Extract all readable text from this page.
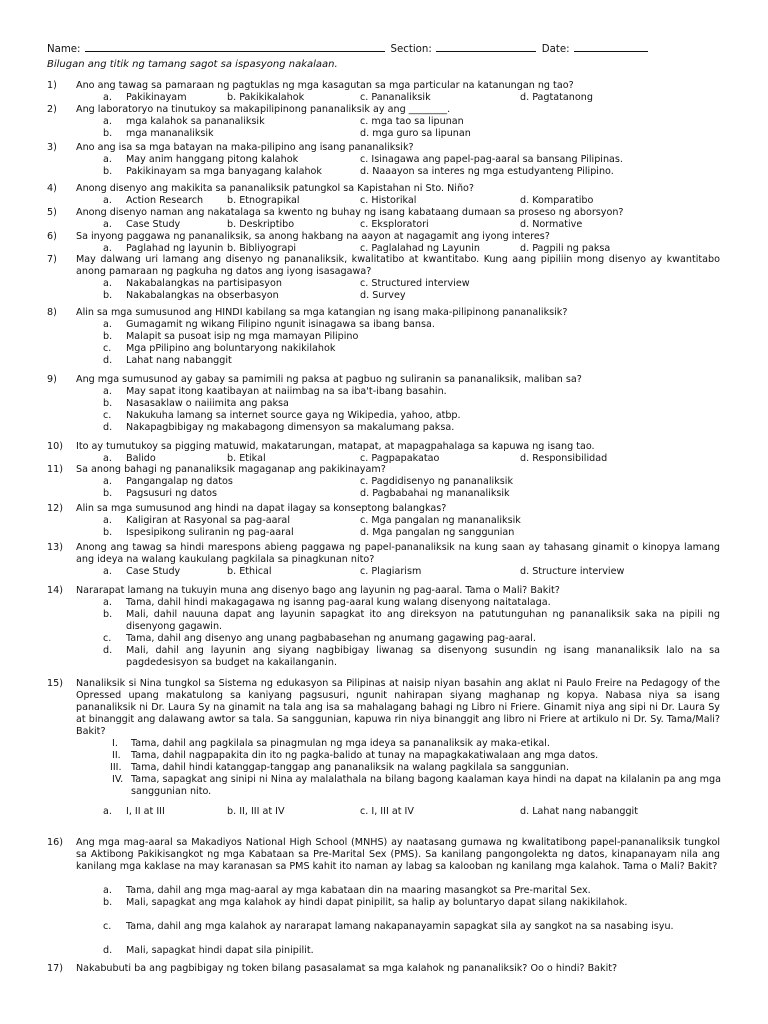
Name:	Section:	Date:
Bilugan ang titik ng tamang sagot sa ispasyong nakalaan.
1) Ano ang tawag sa pamaraan ng pagtuklas ng mga kasagutan sa mga particular na katanungan ng tao?
a. Pakikinayam	b. Pakikikalahok	c. Pananaliksik	d. Pagtatanong
2) Ang laboratoryo na tinutukoy sa makapilipinong pananaliksik ay ang ________.
a. mga kalahok sa pananaliksik	c. mga tao sa lipunan
b. mga mananaliksik	d. mga guro sa lipunan
3) Ano ang isa sa mga batayan na maka-pilipino ang isang pananaliksik?
a. May anim hanggang pitong kalahok	c. Isinagawa ang papel-pag-aaral sa bansang Pilipinas.
b. Pakikinayam sa mga banyagang kalahok	d. Naaayon sa interes ng mga estudyanteng Pilipino.
4) Anong disenyo ang makikita sa pananaliksik patungkol sa Kapistahan ni Sto. Niño?
a. Action Research b. Etnograpikal	c. Historikal	d. Komparatibo
5) Anong disenyo naman ang nakatalaga sa kwento ng buhay ng isang kabataang dumaan sa proseso ng aborsyon?
a. Case Study	b. Deskriptibo	c. Eksploratori	d. Normative
6) Sa inyong paggawa ng pananaliksik, sa anong hakbang na aayon at nagagamit ang iyong interes?
a. Paglahad ng layunin b. Bibliyograpi	c. Paglalahad ng Layunin	d. Pagpili ng paksa
7) May dalwang uri lamang ang disenyo ng pananaliksik, kwalitatibo at kwantitabo. Kung aang pipiliin mong disenyo ay kwantitabo anong pamaraan ng pagkuha ng datos ang iyong isasagawa?
a. Nakabalangkas na partisipasyon	c. Structured interview
b. Nakabalangkas na obserbasyon	d. Survey
8) Alin sa mga sumusunod ang HINDI kabilang sa mga katangian ng isang maka-pilipinong pananaliksik?
a. Gumagamit ng wikang Filipino ngunit isinagawa sa ibang bansa.
b. Malapit sa pusoat isip ng mga mamayan Pilipino
c. Mga pPilipino ang boluntaryong nakikilahok
d. Lahat nang nabanggit
9) Ang mga sumusunod ay gabay sa pamimili ng paksa at pagbuo ng suliranin sa pananaliksik, maliban sa?
a. May sapat itong kaatibayan at naiimbag na sa iba't-ibang basahin.
b. Nasasaklaw o naiiimita ang paksa
c. Nakukuha lamang sa internet source gaya ng Wikipedia, yahoo, atbp.
d. Nakapagbibigay ng makabagong dimensyon sa makalumang paksa.
10) Ito ay tumutukoy sa pigging matuwid, makatarungan, matapat, at mapagpahalaga sa kapuwa ng isang tao.
a. Balido	b. Etikal	c. Pagpapakatao	d. Responsibilidad
11) Sa anong bahagi ng pananaliksik magaganap ang pakikinayam?
a. Pangangalap ng datos	c. Pagdidisenyo ng pananaliksik
b. Pagsusuri ng datos	d. Pagbabahai ng mananaliksik
12) Alin sa mga sumusunod ang hindi na dapat ilagay sa konseptong balangkas?
a. Kaligiran at Rasyonal sa pag-aaral	c. Mga pangalan ng mananaliksik
b. Ispesipikong suliranin ng pag-aaral	d. Mga pangalan ng sanggunian
13) Anong ang tawag sa hindi marespons abieng paggawa ng papel-pananaliksik na kung saan ay tahasang ginamit o kinopya lamang ang ideya na walang kaukulang pagkilala sa pinagkunan nito?
a. Case Study	b. Ethical	c. Plagiarism	d. Structure interview
14) Nararapat lamang na tukuyin muna ang disenyo bago ang layunin ng pag-aaral. Tama o Mali? Bakit?
a. Tama, dahil hindi makagagawa ng isanng pag-aaral kung walang disenyong naitatalaga.
b. Mali, dahil nauuna dapat ang layunin sapagkat ito ang direksyon na patutunguhan ng pananaliksik saka na pipili ng disenyong gagawin.
c. Tama, dahil ang disenyo ang unang pagbabasehan ng anumang gagawing pag-aaral.
d. Mali, dahil ang layunin ang siyang nagbibigay liwanag sa disenyong susundin ng isang mananaliksik lalo na sa pagdedesisyon sa budget na kakailanganin.
15) Nanaliksik si Nina tungkol sa Sistema ng edukasyon sa Pilipinas at naisip niyan basahin ang aklat ni Paulo Freire na Pedagogy of the Opressed upang makatulong sa kaniyang pagsusuri, ngunit nahirapan siyang maghanap ng kopya. Nabasa niya sa isang pananaliksik ni Dr. Laura Sy na ginamit na tala ang isa sa mahalagang bahagi ng Libro ni Friere. Ginamit niya ang sipi ni Dr. Laura Sy at binanggit ang dalawang awtor sa tala. Sa sanggunian, kapuwa rin niya binanggit ang libro ni Friere at artikulo ni Dr. Sy. Tama/Mali? Bakit?
I. Tama, dahil ang pagkilala sa pinagmulan ng mga ideya sa pananaliksik ay maka-etikal.
II. Tama, dahil nagpapakita din ito ng pagka-balido at tunay na mapagkakatiwalaan ang mga datos.
III. Tama, dahil hindi katanggap-tanggap ang pananaliksik na walang pagkilala sa sanggunian.
IV. Tama, sapagkat ang sinipi ni Nina ay malalathala na bilang bagong kaalaman kaya hindi na dapat na kilalanin pa ang mga sanggunian nito.
a. I, II at III	b. II, III at IV	c. I, III at IV	d. Lahat nang nabanggit
16) Ang mga mag-aaral sa Makadiyos National High School (MNHS) ay naatasang gumawa ng kwalitatibong papel-pananaliksik tungkol sa Aktibong Pakikisangkot ng mga Kabataan sa Pre-Marital Sex (PMS). Sa kanilang pangongolekta ng datos, kinapanayam nila ang kanilang mga kaklase na may karanasan sa PMS kahit ito naman ay labag sa kalooban ng kanilang mga kalahok. Tama o Mali? Bakit?
a. Tama, dahil ang mga mag-aaral ay mga kabataan din na maaring masangkot sa Pre-marital Sex.
b. Mali, sapagkat ang mga kalahok ay hindi dapat pinipilit, sa halip ay boluntaryo dapat silang nakikilahok.
c. Tama, dahil ang mga kalahok ay nararapat lamang nakapanayamin sapagkat sila ay sangkot na sa nasabing isyu.
d. Mali, sapagkat hindi dapat sila pinipilit.
17) Nakabubuti ba ang pagbibigay ng token bilang pasasalamat sa mga kalahok ng pananaliksik? Oo o hindi? Bakit?
